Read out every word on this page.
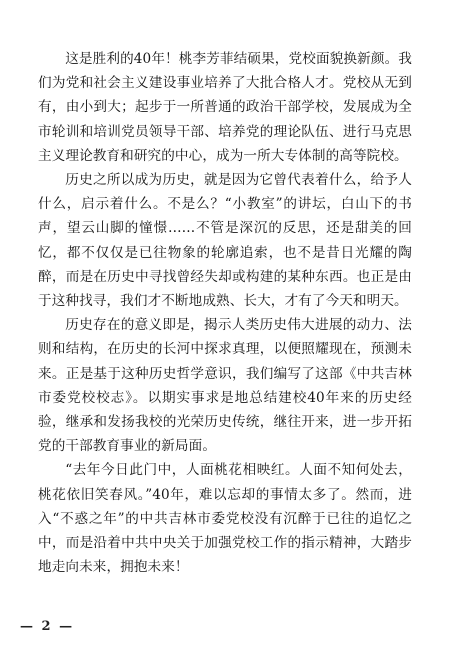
这是胜利的40年！桃李芳菲结硕果，党校面貌换新颜。我们为党和社会主义建设事业培养了大批合格人才。党校从无到有，由小到大；起步于一所普通的政治干部学校，发展成为全市轮训和培训党员领导干部、培养党的理论队伍、进行马克思主义理论教育和研究的中心，成为一所大专体制的高等院校。

历史之所以成为历史，就是因为它曾代表着什么，给予人什么，启示着什么。不是么？“小教室”的讲坛，白山下的书声，望云山脚的憧憬……不管是深沉的反思，还是甜美的回忆，都不仅仅是已往物象的轮廓追索，也不是昔日光耀的陶醉，而是在历史中寻找曾经失却或构建的某种东西。也正是由于这种找寻，我们才不断地成熟、长大，才有了今天和明天。

历史存在的意义即是，揭示人类历史伟大进展的动力、法则和结构，在历史的长河中探求真理，以便照耀现在，预测未来。正是基于这种历史哲学意识，我们编写了这部《中共吉林市委党校校志》。以期实事求是地总结建校40年来的历史经验，继承和发扬我校的光荣历史传统，继往开来，进一步开拓党的干部教育事业的新局面。

“去年今日此门中，人面桃花相映红。人面不知何处去，桃花依旧笑春风。”40年，难以忘却的事情太多了。然而，进入“不惑之年”的中共吉林市委党校没有沉醉于已往的追忆之中，而是沿着中共中央关于加强党校工作的指示精神，大踏步地走向未来，拥抱未来！

— 2 —
